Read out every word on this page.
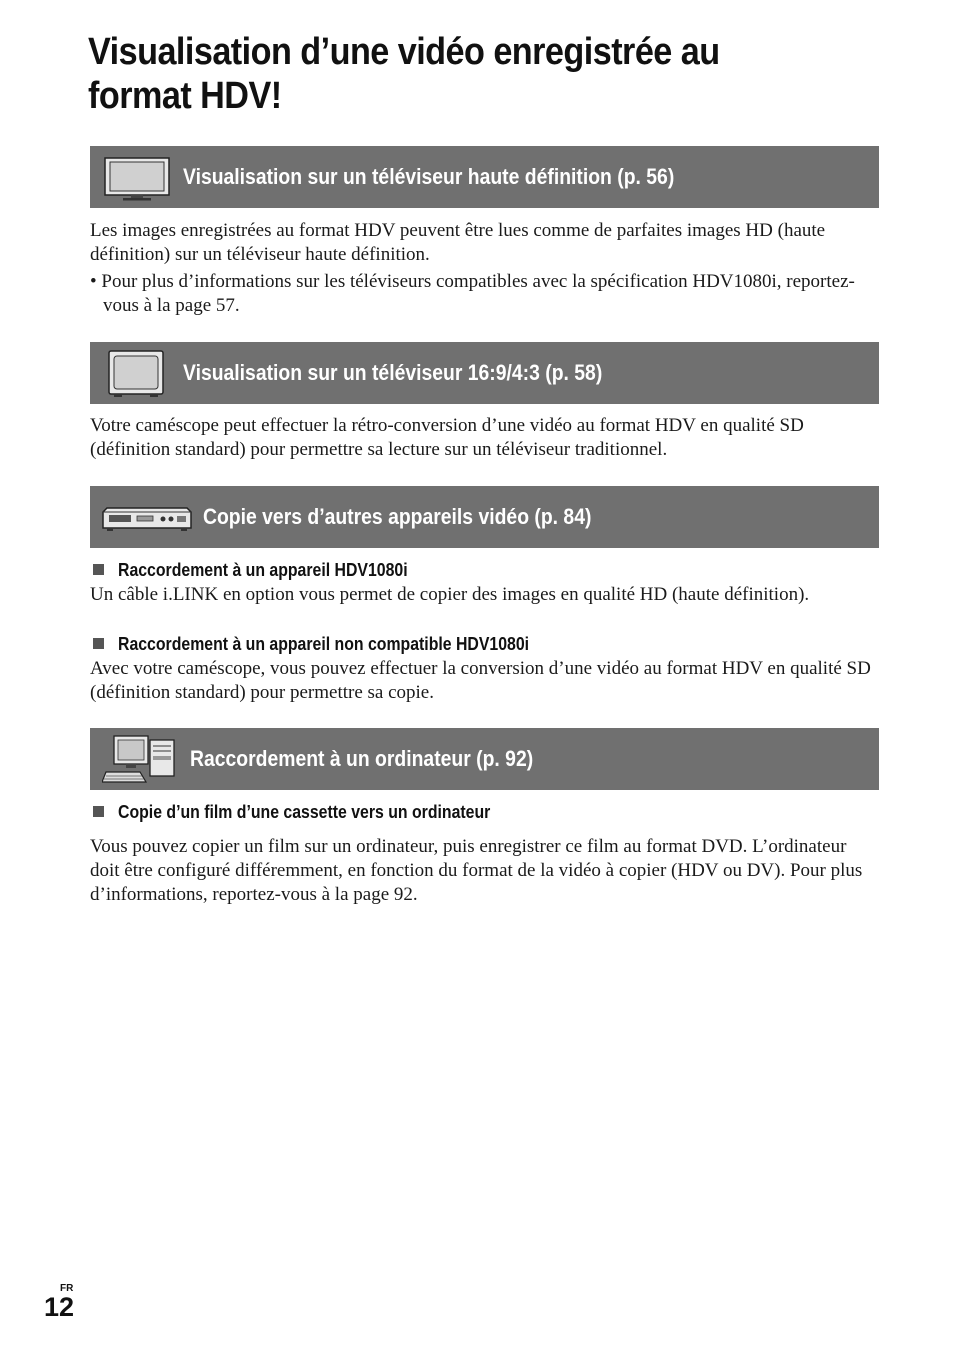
Visualisation d’une vidéo enregistrée au format HDV!
Visualisation sur un téléviseur haute définition (p. 56)

Les images enregistrées au format HDV peuvent être lues comme de parfaites images HD (haute définition) sur un téléviseur haute définition.

• Pour plus d’informations sur les téléviseurs compatibles avec la spécification HDV1080i, reportez-vous à la page 57.

Visualisation sur un téléviseur 16:9/4:3 (p. 58)

Votre caméscope peut effectuer la rétro-conversion d’une vidéo au format HDV en qualité SD (définition standard) pour permettre sa lecture sur un téléviseur traditionnel.

Copie vers d’autres appareils vidéo (p. 84)
Raccordement à un appareil HDV1080i

Un câble i.LINK en option vous permet de copier des images en qualité HD (haute définition).

Raccordement à un appareil non compatible HDV1080i

Avec votre caméscope, vous pouvez effectuer la conversion d’une vidéo au format HDV en qualité SD (définition standard) pour permettre sa copie.

Raccordement à un ordinateur (p. 92)
Copie d’un film d’une cassette vers un ordinateur

Vous pouvez copier un film sur un ordinateur, puis enregistrer ce film au format DVD. L’ordinateur doit être configuré différemment, en fonction du format de la vidéo à copier (HDV ou DV). Pour plus d’informations, reportez-vous à la page 92.

FR
12
